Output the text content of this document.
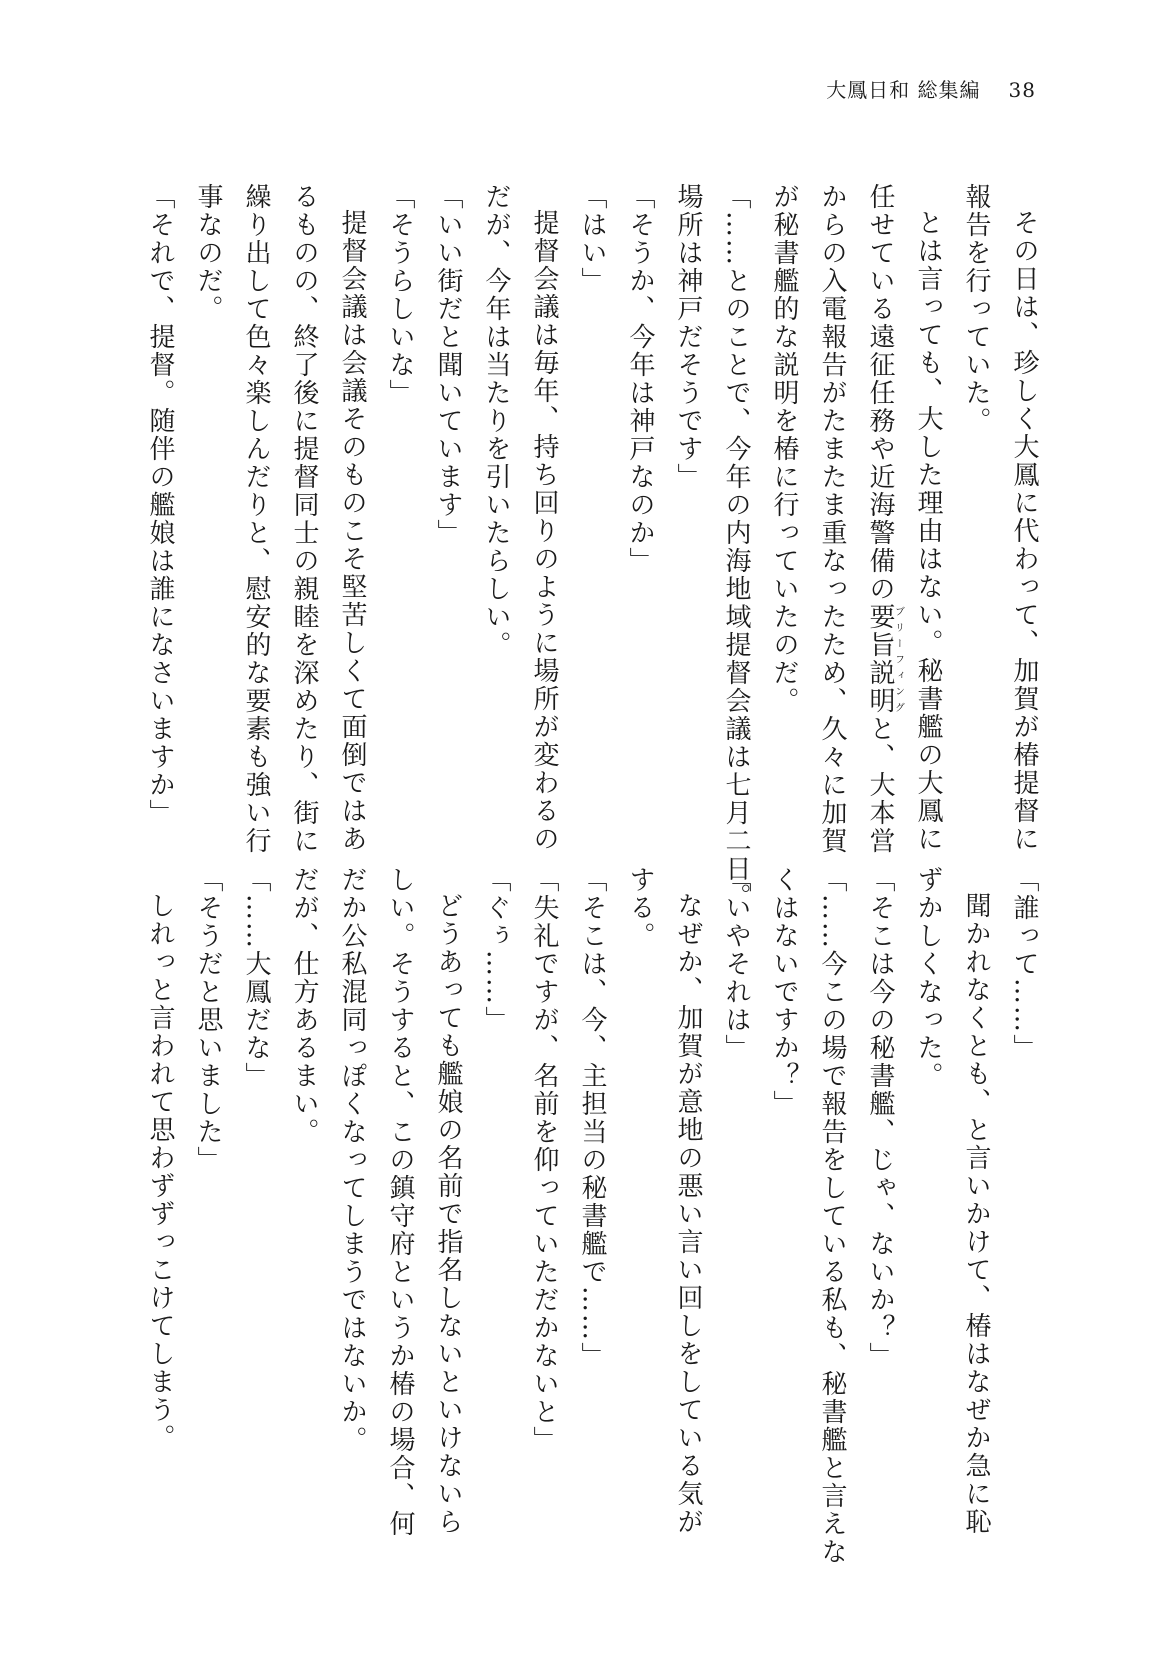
大鳳日和 総集編 38
その日は、珍しく大鳳に代わって、加賀が椿提督に
報告を行っていた。
とは言っても、大した理由はない。秘書艦の大鳳に
任せている遠征任務や近海警備の要旨説明ブリーフィングと、大本営
からの入電報告がたまたま重なったため、久々に加賀
が秘書艦的な説明を椿に行っていたのだ。
「……とのことで、今年の内海地域提督会議は七月二日。
場所は神戸だそうです」
「そうか、今年は神戸なのか」
「はい」
提督会議は毎年、持ち回りのように場所が変わるの
だが、今年は当たりを引いたらしい。
「いい街だと聞いています」
「そうらしいな」
提督会議は会議そのものこそ堅苦しくて面倒ではあ
るものの、終了後に提督同士の親睦を深めたり、街に
繰り出して色々楽しんだりと、慰安的な要素も強い行
事なのだ。
「それで、提督。随伴の艦娘は誰になさいますか」
「誰って……」
聞かれなくとも、と言いかけて、椿はなぜか急に恥
ずかしくなった。
「そこは今の秘書艦、じゃ、ないか？」
「……今この場で報告をしている私も、秘書艦と言えな
くはないですか？」
「いやそれは」
なぜか、加賀が意地の悪い言い回しをしている気が
する。
「そこは、今、主担当の秘書艦で……」
「失礼ですが、名前を仰っていただかないと」
「ぐぅ……」
どうあっても艦娘の名前で指名しないといけないら
しい。そうすると、この鎮守府というか椿の場合、何
だか公私混同っぽくなってしまうではないか。
だが、仕方あるまい。
「……大鳳だな」
「そうだと思いました」
しれっと言われて思わずずっこけてしまう。
